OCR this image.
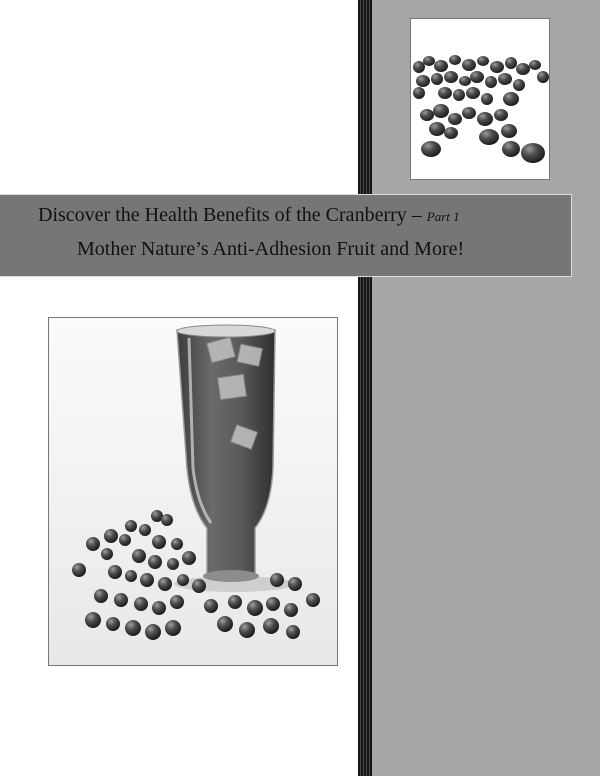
Discover the Health Benefits of the Cranberry – Part 1
Mother Nature’s Anti-Adhesion Fruit and More!
